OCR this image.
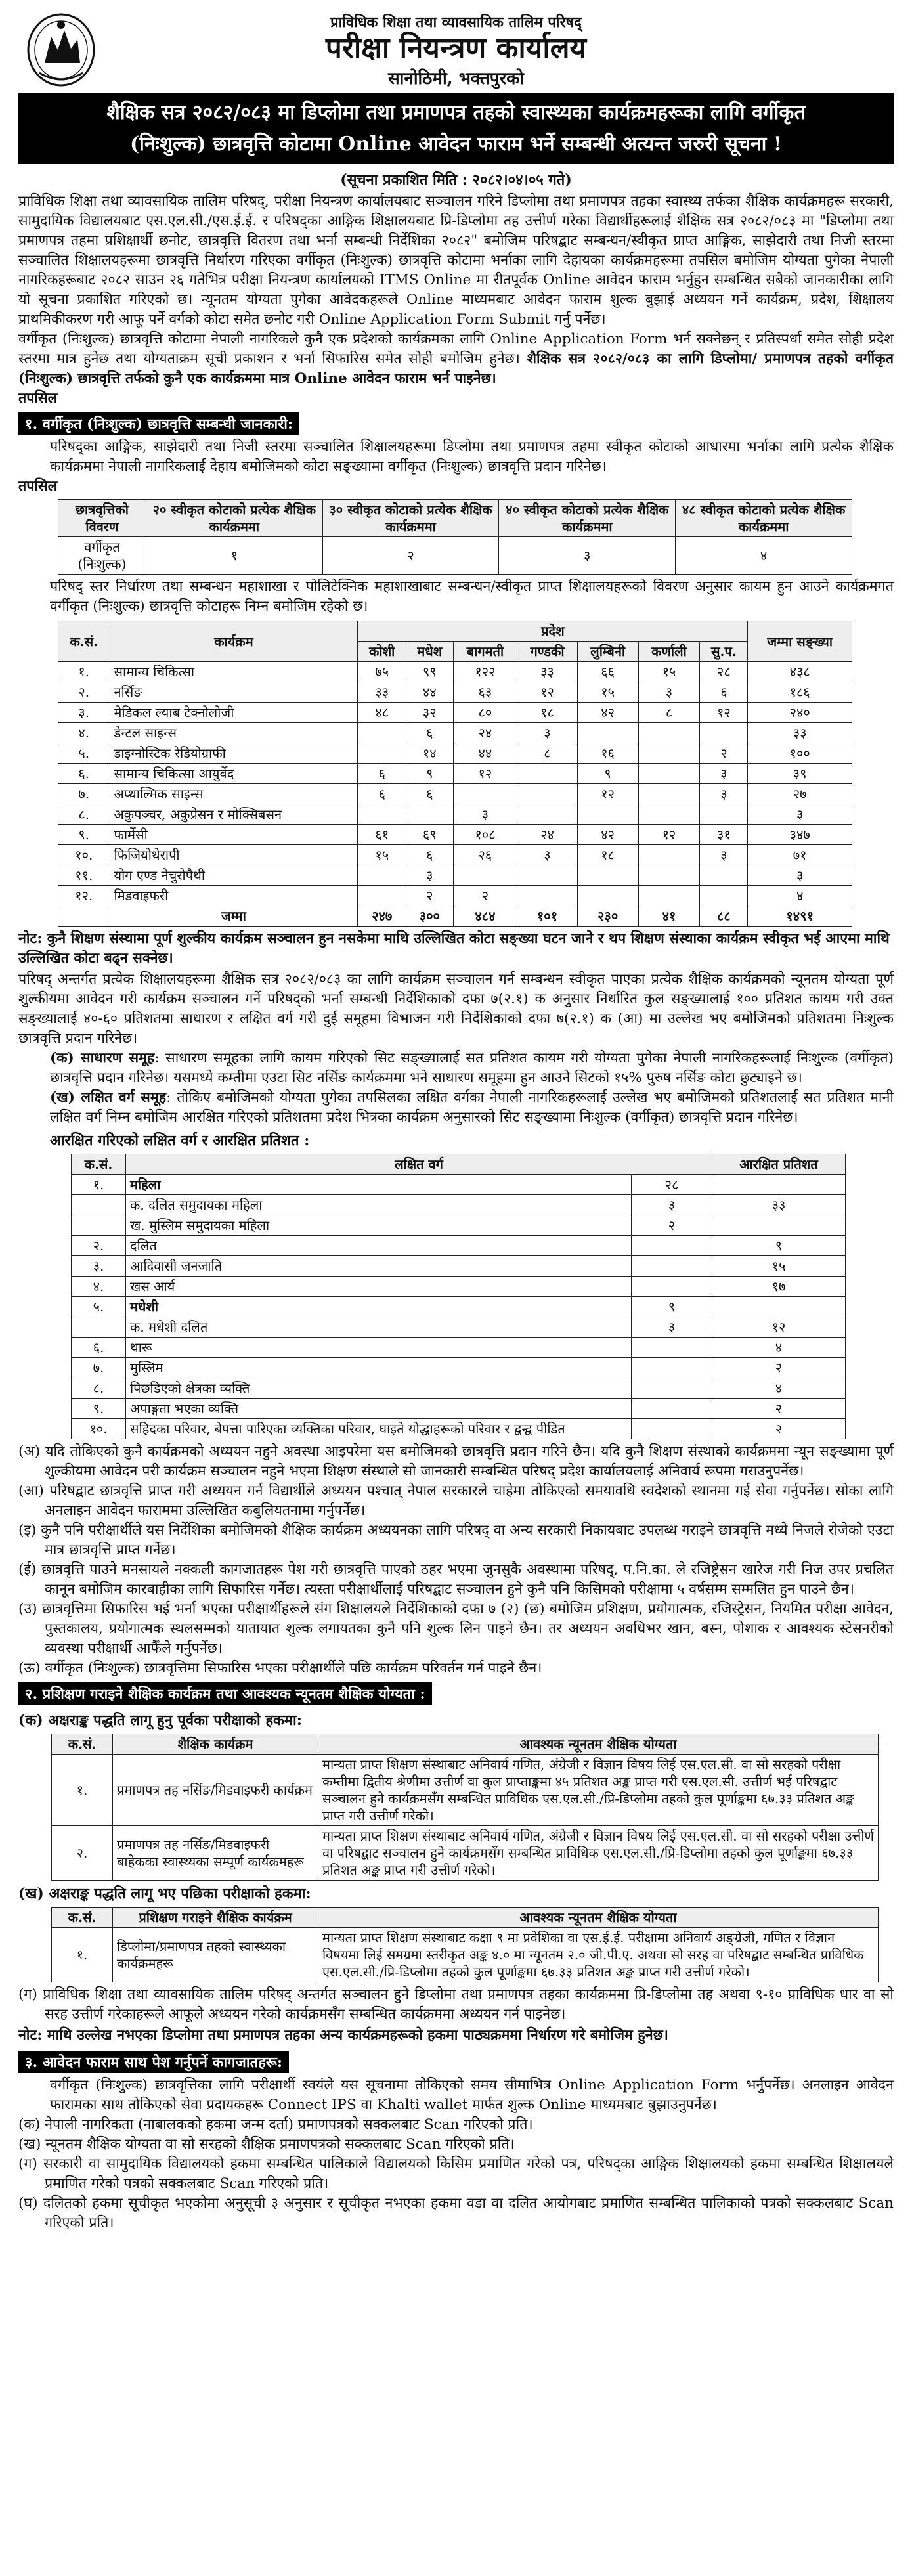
प्राविधिक शिक्षा तथा व्यावसायिक तालिम परिषद्
परीक्षा नियन्त्रण कार्यालय
सानोठिमी, भक्तपुरको
शैक्षिक सत्र २०८२/०८३ मा डिप्लोमा तथा प्रमाणपत्र तहको स्वास्थ्यका कार्यक्रमहरूका लागि वर्गीकृत
(निःशुल्क) छात्रवृत्ति कोटामा Online आवेदन फाराम भर्ने सम्बन्धी अत्यन्त जरुरी सूचना !
(सूचना प्रकाशित मिति : २०८२।०४।०५ गते)

प्राविधिक शिक्षा तथा व्यावसायिक तालिम परिषद्, परीक्षा नियन्त्रण कार्यालयबाट सञ्चालन गरिने डिप्लोमा तथा प्रमाणपत्र तहका स्वास्थ्य तर्फका शैक्षिक कार्यक्रमहरू सरकारी, सामुदायिक विद्यालयबाट एस.एल.सी./एस.ई.ई. र परिषद्का आङ्गिक शिक्षालयबाट प्रि-डिप्लोमा तह उत्तीर्ण गरेका विद्यार्थीहरूलाई शैक्षिक सत्र २०८२/०८३ मा "डिप्लोमा तथा प्रमाणपत्र तहमा प्रशिक्षार्थी छनोट, छात्रवृत्ति वितरण तथा भर्ना सम्बन्धी निर्देशिका २०८२" बमोजिम परिषद्बाट सम्बन्धन/स्वीकृत प्राप्त आङ्गिक, साझेदारी तथा निजी स्तरमा सञ्चालित शिक्षालयहरूमा छात्रवृत्ति निर्धारण गरिएका वर्गीकृत (निःशुल्क) छात्रवृत्ति कोटामा भर्नाका लागि देहायका कार्यक्रमहरूमा तपसिल बमोजिम योग्यता पुगेका नेपाली नागरिकहरूबाट २०८२ साउन २६ गतेभित्र परीक्षा नियन्त्रण कार्यालयको ITMS Online मा रीतपूर्वक Online आवेदन फाराम भर्नुहुन सम्बन्धित सबैको जानकारीका लागि यो सूचना प्रकाशित गरिएको छ। न्यूनतम योग्यता पुगेका आवेदकहरूले Online माध्यमबाट आवेदन फाराम शुल्क बुझाई अध्ययन गर्ने कार्यक्रम, प्रदेश, शिक्षालय प्राथमिकीकरण गरी आफू पर्ने वर्गको कोटा समेत छनोट गरी Online Application Form Submit गर्नु पर्नेछ।

वर्गीकृत (निःशुल्क) छात्रवृत्ति कोटामा नेपाली नागरिकले कुनै एक प्रदेशको कार्यक्रमका लागि Online Application Form भर्न सक्नेछन् र प्रतिस्पर्धा समेत सोही प्रदेश स्तरमा मात्र हुनेछ तथा योग्यताक्रम सूची प्रकाशन र भर्ना सिफारिस समेत सोही बमोजिम हुनेछ। शैक्षिक सत्र २०८२/०८३ का लागि डिप्लोमा/ प्रमाणपत्र तहको वर्गीकृत (निःशुल्क) छात्रवृत्ति तर्फको कुनै एक कार्यक्रममा मात्र Online आवेदन फाराम भर्न पाइनेछ।

तपसिल
१. वर्गीकृत (निःशुल्क) छात्रवृत्ति सम्बन्धी जानकारी:

परिषद्का आङ्गिक, साझेदारी तथा निजी स्तरमा सञ्चालित शिक्षालयहरूमा डिप्लोमा तथा प्रमाणपत्र तहमा स्वीकृत कोटाको आधारमा भर्नाका लागि प्रत्येक शैक्षिक कार्यक्रममा नेपाली नागरिकलाई देहाय बमोजिमको कोटा सङ्ख्यामा वर्गीकृत (निःशुल्क) छात्रवृत्ति प्रदान गरिनेछ।

तपसिल
छात्रवृत्तिको विवरण	२० स्वीकृत कोटाको प्रत्येक शैक्षिक कार्यक्रममा	३० स्वीकृत कोटाको प्रत्येक शैक्षिक कार्यक्रममा	४० स्वीकृत कोटाको प्रत्येक शैक्षिक कार्यक्रममा	४८ स्वीकृत कोटाको प्रत्येक शैक्षिक कार्यक्रममा
वर्गीकृत (निःशुल्क)	१	२	३	४

परिषद् स्तर निर्धारण तथा सम्बन्धन महाशाखा र पोलिटेक्निक महाशाखाबाट सम्बन्धन/स्वीकृत प्राप्त शिक्षालयहरूको विवरण अनुसार कायम हुन आउने कार्यक्रमगत वर्गीकृत (निःशुल्क) छात्रवृत्ति कोटाहरू निम्न बमोजिम रहेको छ।

क.सं.	कार्यक्रम	प्रदेश							जम्मा सङ्ख्या
		कोशी	मधेश	बागमती	गण्डकी	लुम्बिनी	कर्णाली	सु.प.	
१.	सामान्य चिकित्सा	७५	९९	१२२	३३	६६	१५	२८	४३८
२.	नर्सिङ	३३	४४	६३	१२	१५	३	६	१८६
३.	मेडिकल ल्याब टेक्नोलोजी	४८	३२	८०	१८	४२	८	१२	२४०
४.	डेन्टल साइन्स		६	२४	३				३३
५.	डाइग्नोस्टिक रेडियोग्राफी		१४	४४	८	१६		२	१००
६.	सामान्य चिकित्सा आयुर्वेद	६	९	१२		९		३	३९
७.	अप्थाल्मिक साइन्स	६	६			१२		३	२७
८.	अकुपञ्चर, अकुप्रेसन र मोक्सिबसन			३					३
९.	फार्मेसी	६१	६९	१०८	२४	४२	१२	३१	३४७
१०.	फिजियोथेरापी	१५	६	२६	३	१८		३	७१
११.	योग एण्ड नेचुरोपैथी		३						३
१२.	मिडवाइफरी		२	२					४
	जम्मा	२४७	३००	४८४	१०१	२३०	४१	८८	१४९१
नोट: कुनै शिक्षण संस्थामा पूर्ण शुल्कीय कार्यक्रम सञ्चालन हुन नसकेमा माथि उल्लिखित कोटा सङ्ख्या घटन जाने र थप शिक्षण संस्थाका कार्यक्रम स्वीकृत भई आएमा माथि उल्लिखित कोटा बढ्न सक्नेछ।

परिषद् अन्तर्गत प्रत्येक शिक्षालयहरूमा शैक्षिक सत्र २०८२/०८३ का लागि कार्यक्रम सञ्चालन गर्न सम्बन्धन स्वीकृत पाएका प्रत्येक शैक्षिक कार्यक्रमको न्यूनतम योग्यता पूर्ण शुल्कीयमा आवेदन गरी कार्यक्रम सञ्चालन गर्ने परिषद्को भर्ना सम्बन्धी निर्देशिकाको दफा ७(२.१) क अनुसार निर्धारित कुल सङ्ख्यालाई १०० प्रतिशत कायम गरी उक्त सङ्ख्यालाई ४०-६० प्रतिशतमा साधारण र लक्षित वर्ग गरी दुई समूहमा विभाजन गरी निर्देशिकाको दफा ७(२.१) क (आ) मा उल्लेख भए बमोजिमको प्रतिशतमा निःशुल्क छात्रवृत्ति प्रदान गरिनेछ।

(क) साधारण समूह: साधारण समूहका लागि कायम गरिएको सिट सङ्ख्यालाई सत प्रतिशत कायम गरी योग्यता पुगेका नेपाली नागरिकहरूलाई निःशुल्क (वर्गीकृत) छात्रवृत्ति प्रदान गरिनेछ। यसमध्ये कम्तीमा एउटा सिट नर्सिङ कार्यक्रममा भने साधारण समूहमा हुन आउने सिटको १५% पुरुष नर्सिङ कोटा छुट्याइने छ।

(ख) लक्षित वर्ग समूह: तोकिए बमोजिमको योग्यता पुगेका तपसिलका लक्षित वर्गका नेपाली नागरिकहरूलाई उल्लेख भए बमोजिमको प्रतिशतलाई सत प्रतिशत मानी लक्षित वर्ग निम्न बमोजिम आरक्षित गरिएको प्रतिशतमा प्रदेश भित्रका कार्यक्रम अनुसारको सिट सङ्ख्यामा निःशुल्क (वर्गीकृत) छात्रवृत्ति प्रदान गरिनेछ।

आरक्षित गरिएको लक्षित वर्ग र आरक्षित प्रतिशत :
क.सं.	लक्षित वर्ग		आरक्षित प्रतिशत
१.	महिला	२८	
	क. दलित समुदायका महिला	३	३३
	ख. मुस्लिम समुदायका महिला	२	
२.	दलित		९
३.	आदिवासी जनजाति		१५
४.	खस आर्य		१७
५.	मधेशी	९	
	क. मधेशी दलित	३	१२
६.	थारू		४
७.	मुस्लिम		२
८.	पिछडिएको क्षेत्रका व्यक्ति		४
९.	अपाङ्गता भएका व्यक्ति		२
१०.	सहिदका परिवार, बेपत्ता पारिएका व्यक्तिका परिवार, घाइते योद्धाहरूको परिवार र द्वन्द्व पीडित		२

(अ) यदि तोकिएको कुनै कार्यक्रमको अध्ययन नहुने अवस्था आइपरेमा यस बमोजिमको छात्रवृत्ति प्रदान गरिने छैन। यदि कुनै शिक्षण संस्थाको कार्यक्रममा न्यून सङ्ख्यामा पूर्ण शुल्कीयमा आवेदन परी कार्यक्रम सञ्चालन नहुने भएमा शिक्षण संस्थाले सो जानकारी सम्बन्धित परिषद् प्रदेश कार्यालयलाई अनिवार्य रूपमा गराउनुपर्नेछ।

(आ) परिषद्बाट छात्रवृत्ति प्राप्त गरी अध्ययन गर्न विद्यार्थीले अध्ययन पश्चात् नेपाल सरकारले चाहेमा तोकिएको समयावधि स्वदेशको स्थानमा गई सेवा गर्नुपर्नेछ। सोका लागि अनलाइन आवेदन फाराममा उल्लिखित कबुलियतनामा गर्नुपर्नेछ।

(इ) कुनै पनि परीक्षार्थीले यस निर्देशिका बमोजिमको शैक्षिक कार्यक्रम अध्ययनका लागि परिषद् वा अन्य सरकारी निकायबाट उपलब्ध गराइने छात्रवृत्ति मध्ये निजले रोजेको एउटा मात्र छात्रवृत्ति प्राप्त गर्नेछ।

(ई) छात्रवृत्ति पाउने मनसायले नक्कली कागजातहरू पेश गरी छात्रवृत्ति पाएको ठहर भएमा जुनसुकै अवस्थामा परिषद्, प.नि.का. ले रजिष्ट्रेसन खारेज गरी निज उपर प्रचलित कानून बमोजिम कारबाहीका लागि सिफारिस गर्नेछ। त्यस्ता परीक्षार्थीलाई परिषद्बाट सञ्चालन हुने कुनै पनि किसिमको परीक्षामा ५ वर्षसम्म सम्मलित हुन पाउने छैन।

(उ) छात्रवृत्तिमा सिफारिस भई भर्ना भएका परीक्षार्थीहरूले संग शिक्षालयले निर्देशिकाको दफा ७ (२) (छ) बमोजिम प्रशिक्षण, प्रयोगात्मक, रजिस्ट्रेसन, नियमित परीक्षा आवेदन, पुस्तकालय, प्रयोगात्मक स्थलसम्मको यातायात शुल्क लगायतका कुनै पनि शुल्क लिन पाइने छैन। तर अध्ययन अवधिभर खान, बस्न, पोशाक र आवश्यक स्टेसनरीको व्यवस्था परीक्षार्थी आफैँले गर्नुपर्नेछ।

(ऊ) वर्गीकृत (निःशुल्क) छात्रवृत्तिमा सिफारिस भएका परीक्षार्थीले पछि कार्यक्रम परिवर्तन गर्न पाइने छैन।

२. प्रशिक्षण गराइने शैक्षिक कार्यक्रम तथा आवश्यक न्यूनतम शैक्षिक योग्यता :
(क) अक्षराङ्क पद्धति लागू हुनु पूर्वका परीक्षाको हकमा:
क.सं.	शैक्षिक कार्यक्रम	आवश्यक न्यूनतम शैक्षिक योग्यता
१.	प्रमाणपत्र तह नर्सिङ/मिडवाइफरी कार्यक्रम	मान्यता प्राप्त शिक्षण संस्थाबाट अनिवार्य गणित, अंग्रेजी र विज्ञान विषय लिई एस.एल.सी. वा सो सरहको परीक्षा कम्तीमा द्वितीय श्रेणीमा उत्तीर्ण वा कुल प्राप्ताङ्कमा ४५ प्रतिशत अङ्क प्राप्त गरी एस.एल.सी. उत्तीर्ण भई परिषद्बाट सञ्चालन हुने कार्यक्रमसँग सम्बन्धित प्राविधिक एस.एल.सी./प्रि-डिप्लोमा तहको कुल पूर्णाङ्कमा ६७.३३ प्रतिशत अङ्क प्राप्त गरी उत्तीर्ण गरेको।
२.	प्रमाणपत्र तह नर्सिङ/मिडवाइफरी बाहेकका स्वास्थ्यका सम्पूर्ण कार्यक्रमहरू	मान्यता प्राप्त शिक्षण संस्थाबाट अनिवार्य गणित, अंग्रेजी र विज्ञान विषय लिई एस.एल.सी. वा सो सरहको परीक्षा उत्तीर्ण वा परिषद्बाट सञ्चालन हुने कार्यक्रमसँग सम्बन्धित प्राविधिक एस.एल.सी./प्रि-डिप्लोमा तहको कुल पूर्णाङ्कमा ६७.३३ प्रतिशत अङ्क प्राप्त गरी उत्तीर्ण गरेको।
(ख) अक्षराङ्क पद्धति लागू भए पछिका परीक्षाको हकमा:
क.सं.	प्रशिक्षण गराइने शैक्षिक कार्यक्रम	आवश्यक न्यूनतम शैक्षिक योग्यता
१.	डिप्लोमा/प्रमाणपत्र तहको स्वास्थ्यका कार्यक्रमहरू	मान्यता प्राप्त शिक्षण संस्थाबाट कक्षा ९ मा प्रवेशिका वा एस.ई.ई. परीक्षामा अनिवार्य अङ्ग्रेजी, गणित र विज्ञान विषयमा लिई समग्रमा स्तरीकृत अङ्क ४.० मा न्यूनतम २.० जी.पी.ए. अथवा सो सरह वा परिषद्बाट सम्बन्धित प्राविधिक एस.एल.सी./प्रि-डिप्लोमा तहको कुल पूर्णाङ्कमा ६७.३३ प्रतिशत अङ्क प्राप्त गरी उत्तीर्ण गरेको।

(ग) प्राविधिक शिक्षा तथा व्यावसायिक तालिम परिषद् अन्तर्गत सञ्चालन हुने डिप्लोमा तथा प्रमाणपत्र तहका कार्यक्रममा प्रि-डिप्लोमा तह अथवा ९-१० प्राविधिक धार वा सो सरह उत्तीर्ण गरेकाहरूले आफूले अध्ययन गरेको कार्यक्रमसँग सम्बन्धित कार्यक्रममा अध्ययन गर्न पाइनेछ।

नोट: माथि उल्लेख नभएका डिप्लोमा तथा प्रमाणपत्र तहका अन्य कार्यक्रमहरूको हकमा पाठ्यक्रममा निर्धारण गरे बमोजिम हुनेछ।
३. आवेदन फाराम साथ पेश गर्नुपर्ने कागजातहरू:

वर्गीकृत (निःशुल्क) छात्रवृत्तिका लागि परीक्षार्थी स्वयंले यस सूचनामा तोकिएको समय सीमाभित्र Online Application Form भर्नुपर्नेछ। अनलाइन आवेदन फारामका साथ तोकिएको सेवा प्रदायकहरू Connect IPS वा Khalti wallet मार्फत शुल्क Online माध्यमबाट बुझाउनुपर्नेछ।

(क) नेपाली नागरिकता (नाबालकको हकमा जन्म दर्ता) प्रमाणपत्रको सक्कलबाट Scan गरिएको प्रति।

(ख) न्यूनतम शैक्षिक योग्यता वा सो सरहको शैक्षिक प्रमाणपत्रको सक्कलबाट Scan गरिएको प्रति।

(ग) सरकारी वा सामुदायिक विद्यालयको हकमा सम्बन्धित पालिकाले विद्यालयको किसिम प्रमाणित गरेको पत्र, परिषद्का आङ्गिक शिक्षालयको हकमा सम्बन्धित शिक्षालयले प्रमाणित गरेको पत्रको सक्कलबाट Scan गरिएको प्रति।

(घ) दलितको हकमा सूचीकृत भएकोमा अनुसूची ३ अनुसार र सूचीकृत नभएका हकमा वडा वा दलित आयोगबाट प्रमाणित सम्बन्धित पालिकाको पत्रको सक्कलबाट Scan गरिएको प्रति।
